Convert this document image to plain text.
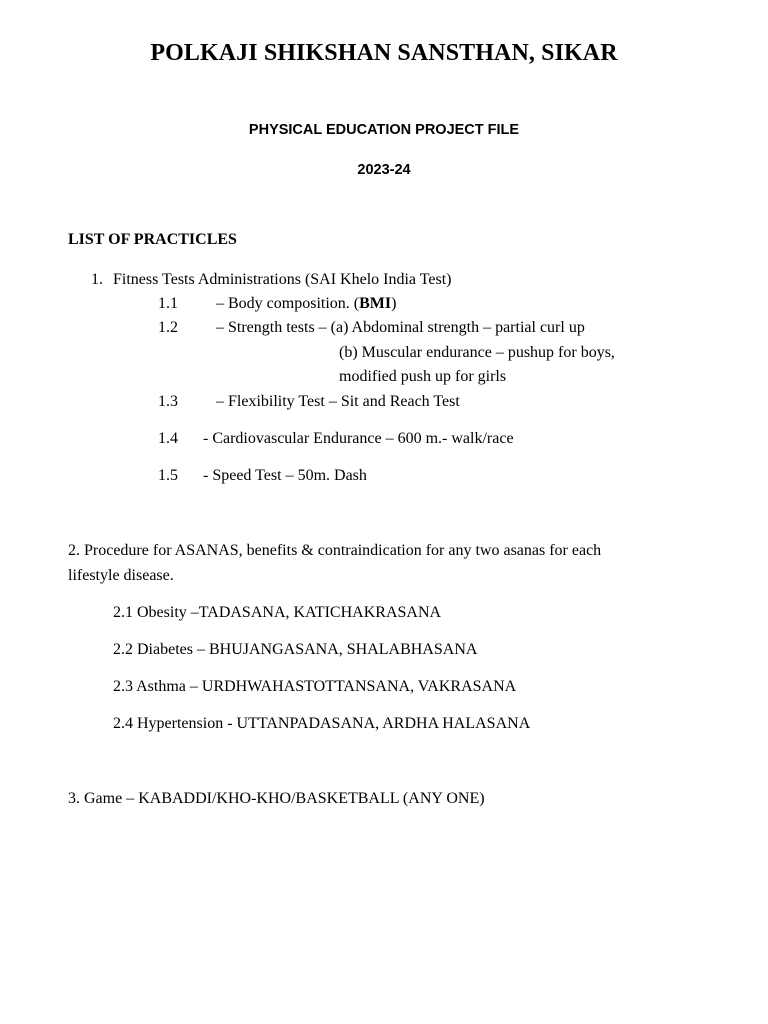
POLKAJI SHIKSHAN SANSTHAN, SIKAR
PHYSICAL EDUCATION PROJECT FILE
2023-24
LIST OF PRACTICLES
1. Fitness Tests Administrations (SAI Khelo India Test)
1.1 – Body composition. (BMI)
1.2 – Strength tests – (a) Abdominal strength – partial curl up
(b) Muscular endurance – pushup for boys,
modified push up for girls
1.3 – Flexibility Test – Sit and Reach Test
1.4 - Cardiovascular Endurance – 600 m.- walk/race
1.5 - Speed Test – 50m. Dash
2. Procedure for ASANAS, benefits & contraindication for any two asanas for each
lifestyle disease.
2.1 Obesity –TADASANA, KATICHAKRASANA
2.2 Diabetes – BHUJANGASANA, SHALABHASANA
2.3 Asthma – URDHWAHASTOTTANSANA, VAKRASANA
2.4 Hypertension - UTTANPADASANA, ARDHA HALASANA
3. Game – KABADDI/KHO-KHO/BASKETBALL (ANY ONE)
